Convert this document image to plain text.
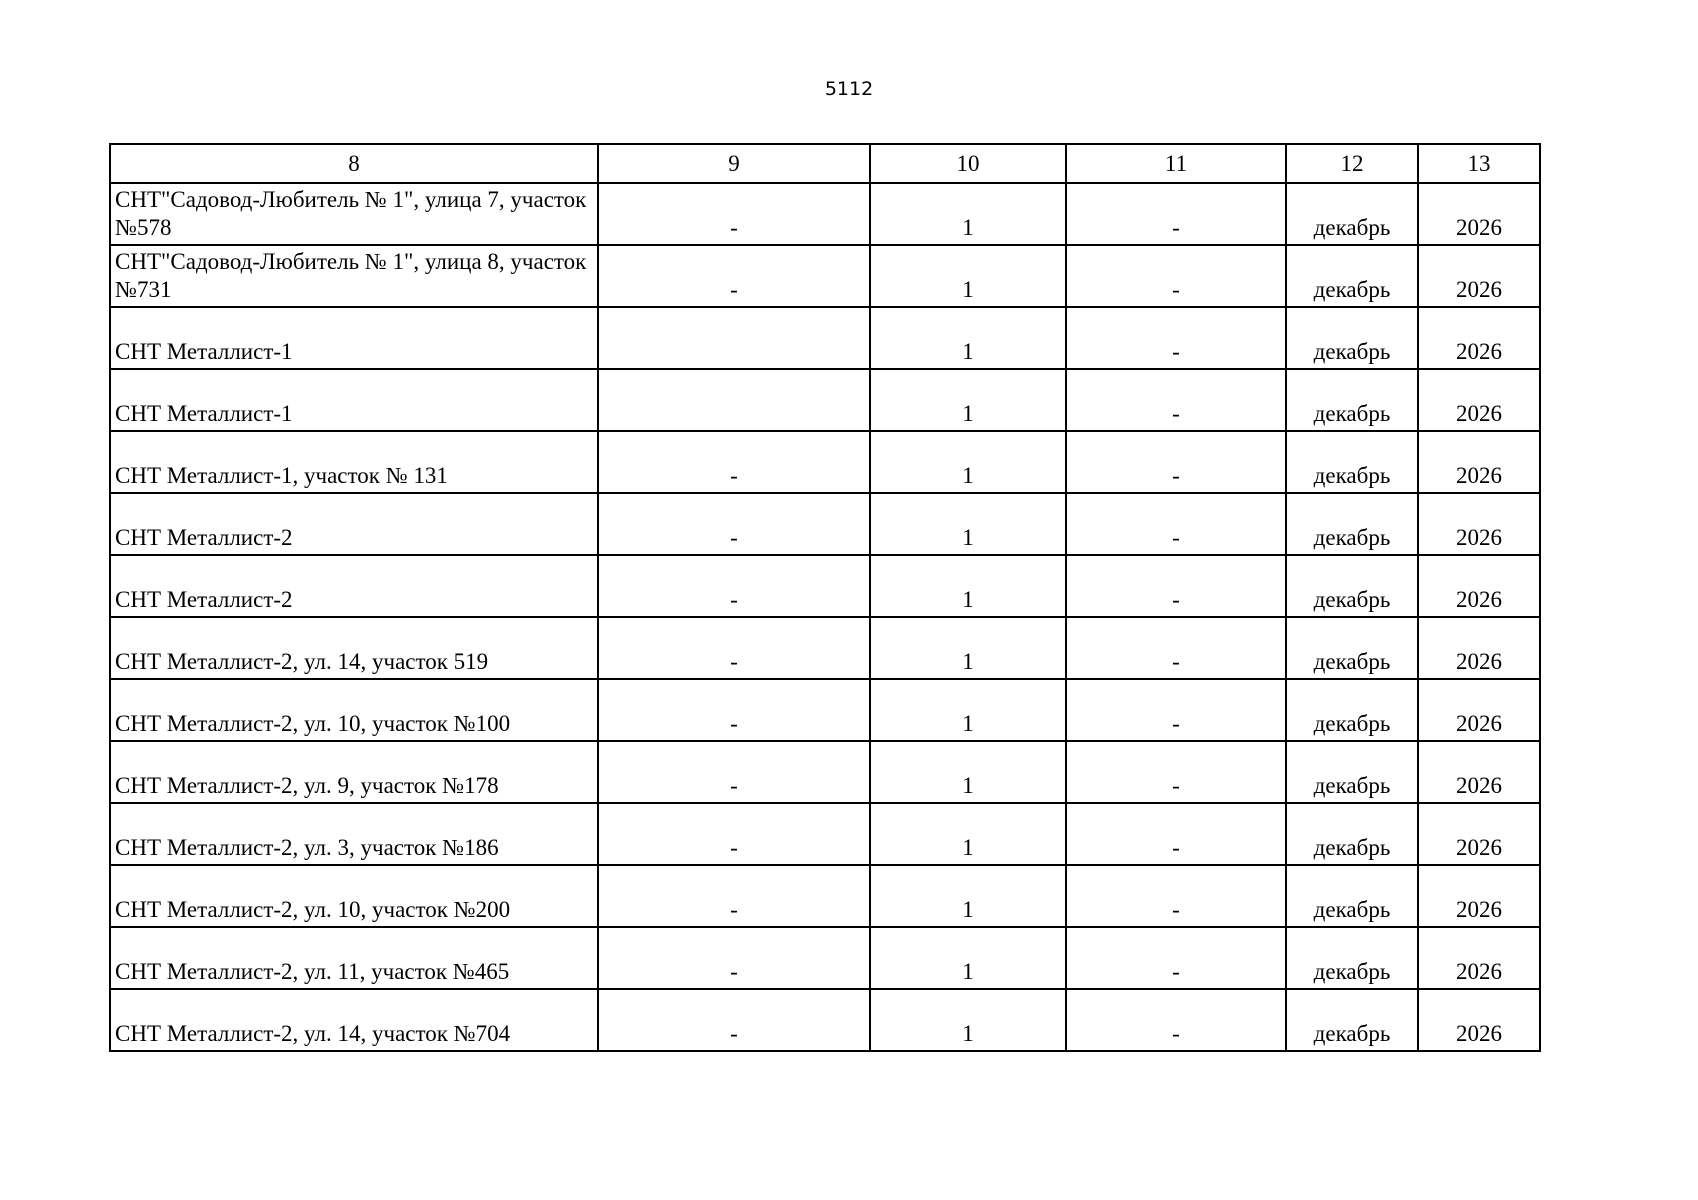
5112
8	9	10	11	12	13
СНТ"Садовод-Любитель № 1", улица 7, участок №578	-	1	-	декабрь	2026
СНТ"Садовод-Любитель № 1", улица 8, участок №731	-	1	-	декабрь	2026
СНТ Металлист-1		1	-	декабрь	2026
СНТ Металлист-1		1	-	декабрь	2026
СНТ Металлист-1, участок № 131	-	1	-	декабрь	2026
СНТ Металлист-2	-	1	-	декабрь	2026
СНТ Металлист-2	-	1	-	декабрь	2026
СНТ Металлист-2, ул. 14, участок 519	-	1	-	декабрь	2026
СНТ Металлист-2, ул. 10, участок №100	-	1	-	декабрь	2026
СНТ Металлист-2, ул. 9, участок №178	-	1	-	декабрь	2026
СНТ Металлист-2, ул. 3, участок №186	-	1	-	декабрь	2026
СНТ Металлист-2, ул. 10, участок №200	-	1	-	декабрь	2026
СНТ Металлист-2, ул. 11, участок №465	-	1	-	декабрь	2026
СНТ Металлист-2, ул. 14, участок №704	-	1	-	декабрь	2026
